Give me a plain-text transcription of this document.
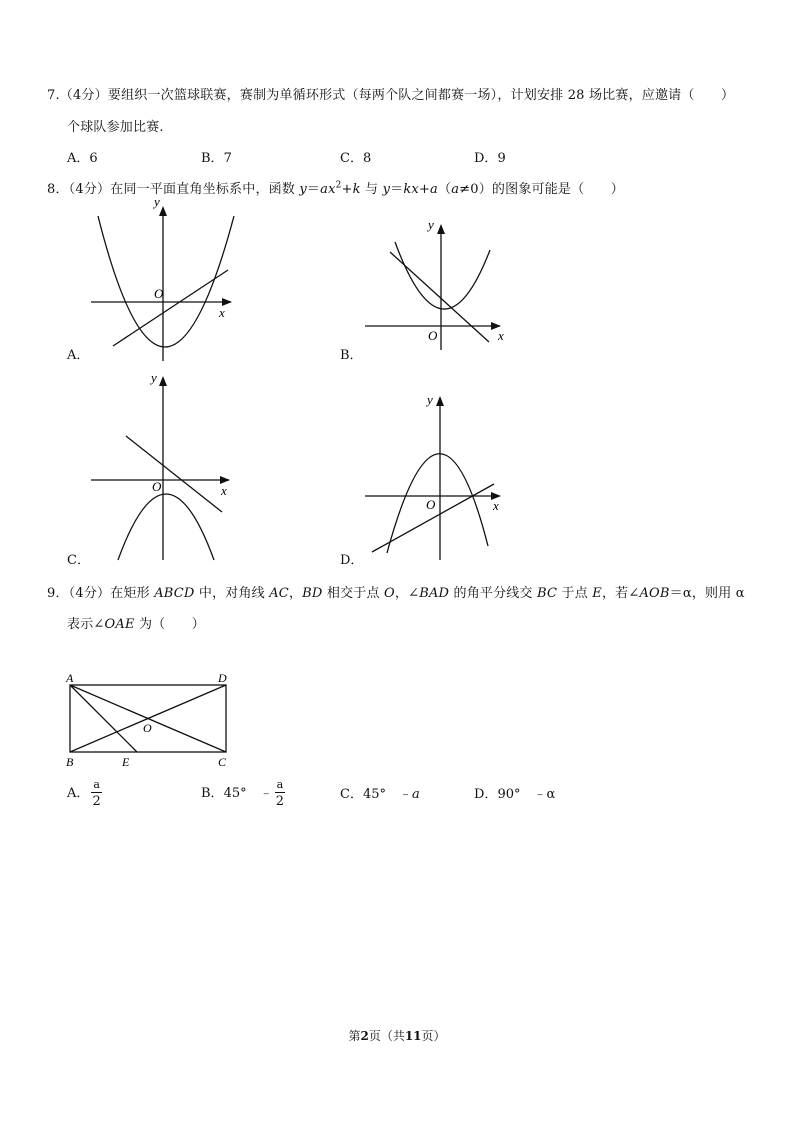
7.（4分）要组织一次篮球联赛，赛制为单循环形式（每两个队之间都赛一场），计划安排 28 场比赛，应邀请（　　）
个球队参加比赛.
A．6	B．7	C．8	D．9
8．（4分）在同一平面直角坐标系中，函数 $y=ax^2+k$ 与 y＝kx+a（a≠0）的图象可能是（　　）
y
x
O
A．
y
x
O
B．
y
x
O
C．
y
x
O
D．
9．（4分）在矩形 ABCD 中，对角线 AC，BD 相交于点 O，∠BAD 的角平分线交 BC 于点 E，若∠AOB＝α，则用 α
表示∠OAE 为（　　）
A	D
B	E	C
O
A． $\frac{a}{2}$	B．45°　﹣ $\frac{a}{2}$	C．45°　﹣a	D．90°　﹣α
第2页（共11页）
